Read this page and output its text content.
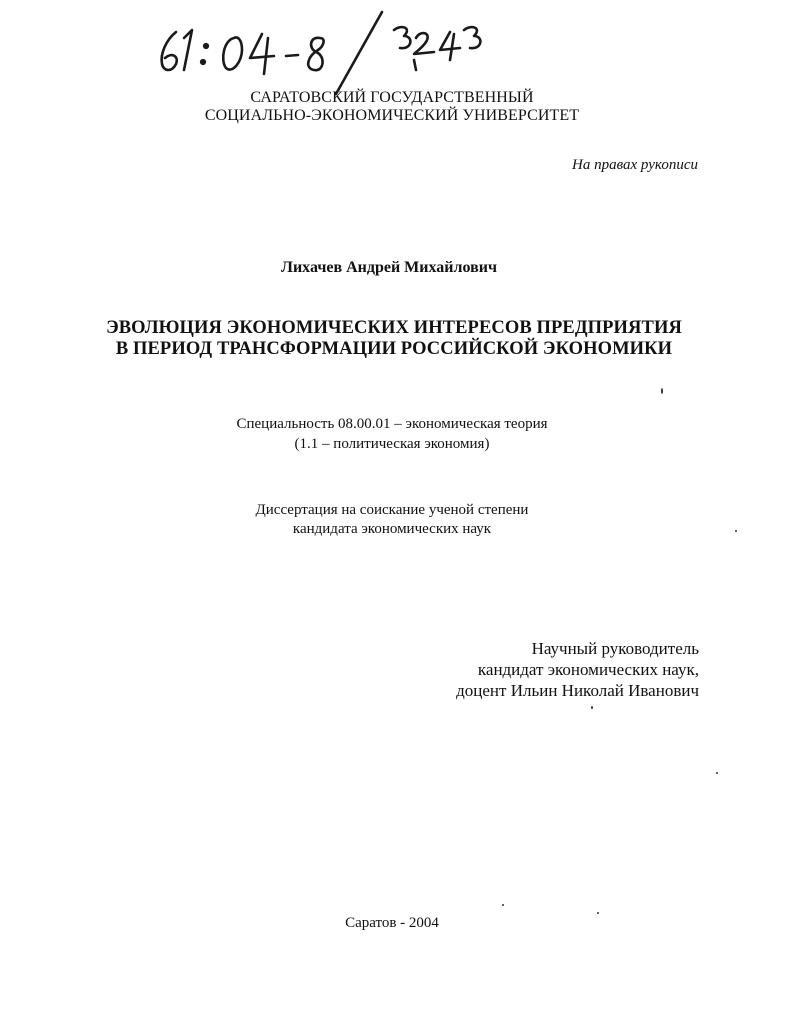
САРАТОВСКИЙ ГОСУДАРСТВЕННЫЙ
СОЦИАЛЬНО-ЭКОНОМИЧЕСКИЙ УНИВЕРСИТЕТ
На правах рукописи
Лихачев Андрей Михайлович
ЭВОЛЮЦИЯ ЭКОНОМИЧЕСКИХ ИНТЕРЕСОВ ПРЕДПРИЯТИЯ
В ПЕРИОД ТРАНСФОРМАЦИИ РОССИЙСКОЙ ЭКОНОМИКИ
Специальность 08.00.01 – экономическая теория
(1.1 – политическая экономия)
Диссертация на соискание ученой степени
кандидата экономических наук
Научный руководитель
кандидат экономических наук,
доцент Ильин Николай Иванович
Саратов - 2004
